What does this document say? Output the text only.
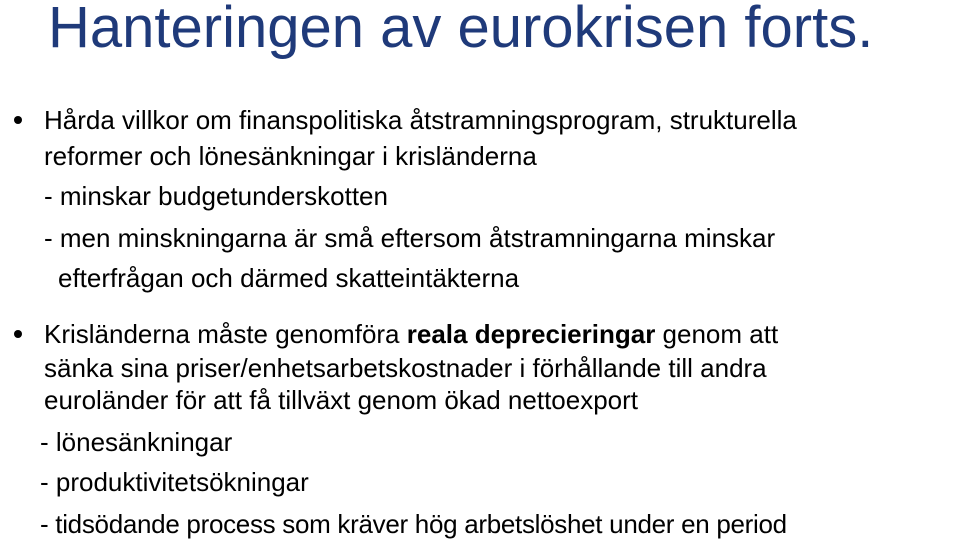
Hanteringen av eurokrisen forts.
Hårda villkor om finanspolitiska åtstramningsprogram, strukturella
reformer och lönesänkningar i krisländerna
- minskar budgetunderskotten
- men minskningarna är små eftersom åtstramningarna minskar
efterfrågan och därmed skatteintäkterna
Krisländerna måste genomföra reala deprecieringar genom att
sänka sina priser/enhetsarbetskostnader i förhållande till andra
euroländer för att få tillväxt genom ökad nettoexport
- lönesänkningar
- produktivitetsökningar
- tidsödande process som kräver hög arbetslöshet under en period
